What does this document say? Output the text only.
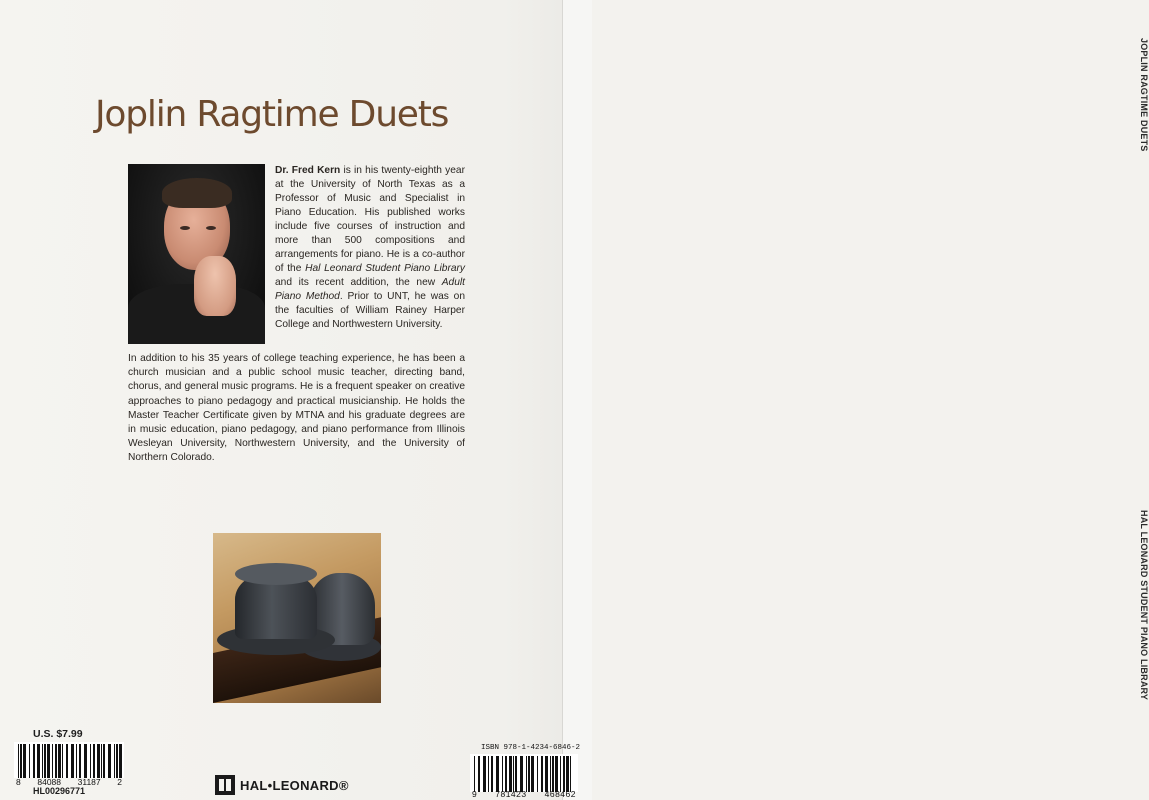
JOPLIN RAGTIME DUETS
HAL LEONARD STUDENT PIANO LIBRARY
Joplin Ragtime Duets
Dr. Fred Kern is in his twenty-eighth year at the University of North Texas as a Professor of Music and Specialist in Piano Education. His published works include five courses of instruction and more than 500 compositions and arrangements for piano. He is a co-author of the Hal Leonard Student Piano Library and its recent addition, the new Adult Piano Method. Prior to UNT, he was on the faculties of William Rainey Harper College and Northwestern University.
In addition to his 35 years of college teaching experience, he has been a church musician and a public school music teacher, directing band, chorus, and general music programs. He is a frequent speaker on creative approaches to piano pedagogy and practical musicianship. He holds the Master Teacher Certificate given by MTNA and his graduate degrees are in music education, piano pedagogy, and piano performance from Illinois Wesleyan University, Northwestern University, and the University of Northern Colorado.
U.S. $7.99
8 84088 31187 2
HL00296771	HAL•LEONARD®
ISBN 978-1-4234-6846-2
9 781423 468462
